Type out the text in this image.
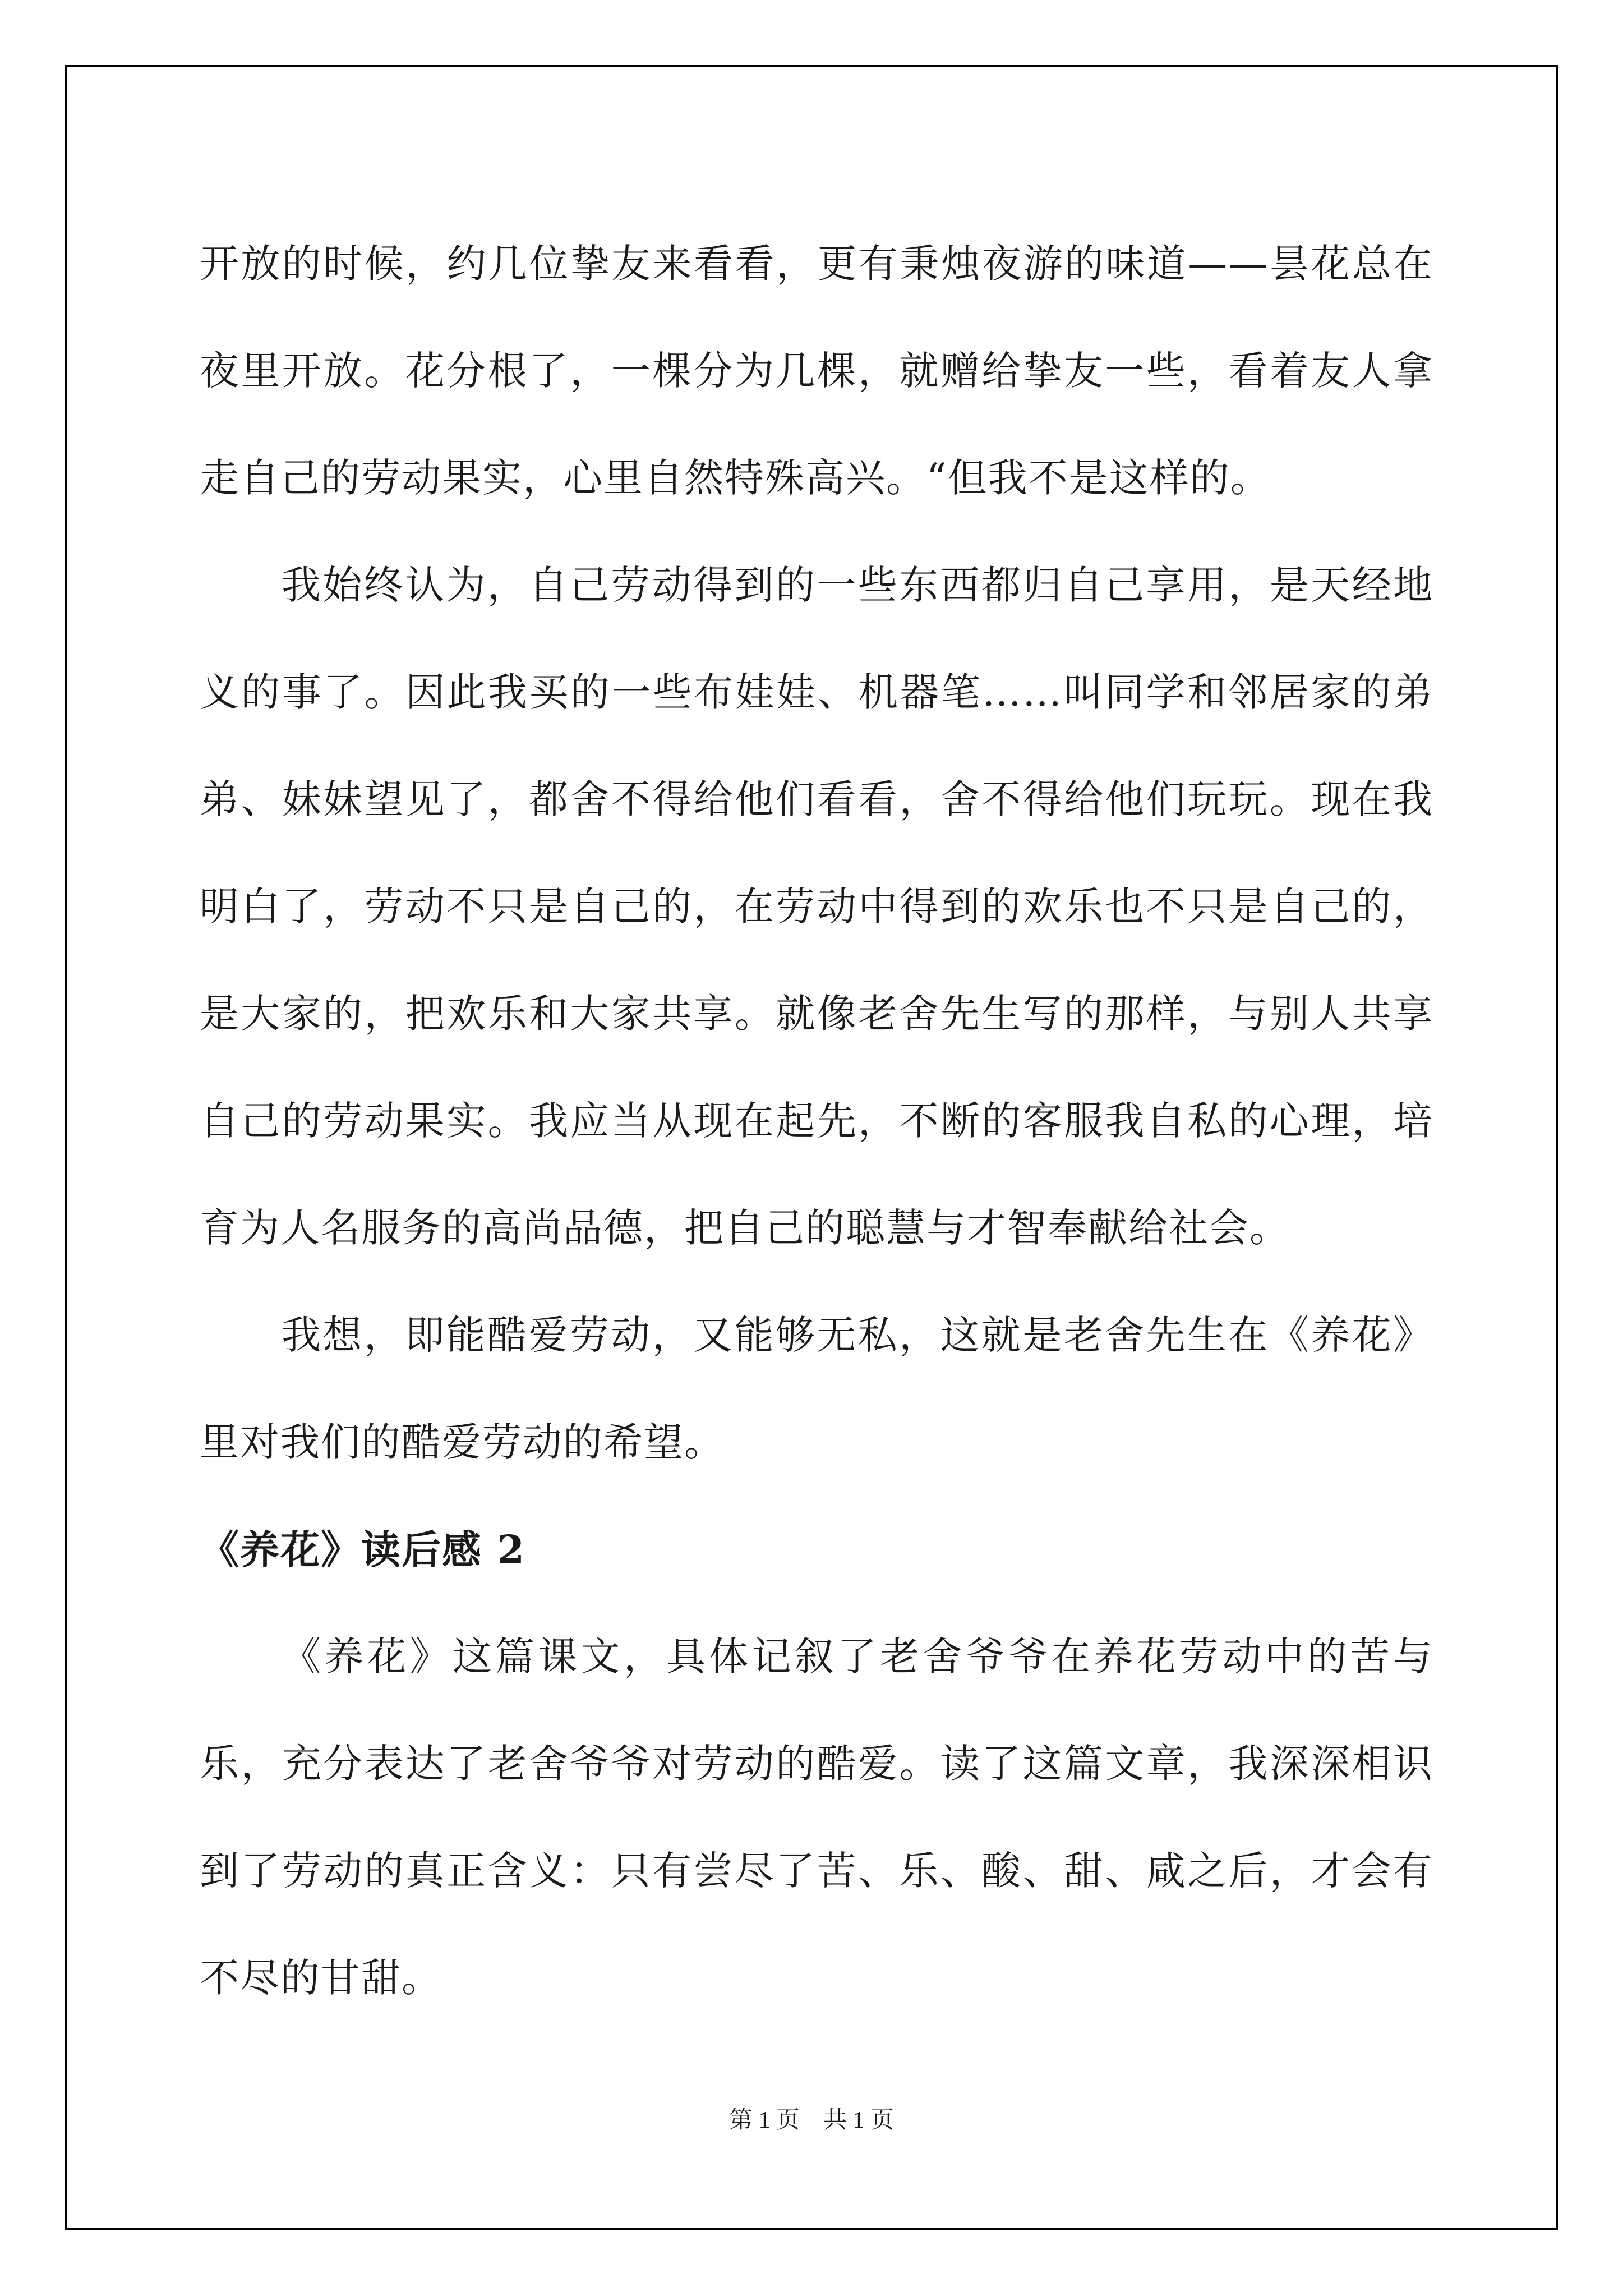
开放的时候，约几位挚友来看看，更有秉烛夜游的味道——昙花总在夜里开放。花分根了，一棵分为几棵，就赠给挚友一些，看着友人拿走自己的劳动果实，心里自然特殊高兴。“但我不是这样的。

我始终认为，自己劳动得到的一些东西都归自己享用，是天经地义的事了。因此我买的一些布娃娃、机器笔……叫同学和邻居家的弟弟、妹妹望见了，都舍不得给他们看看，舍不得给他们玩玩。现在我明白了，劳动不只是自己的，在劳动中得到的欢乐也不只是自己的，是大家的，把欢乐和大家共享。就像老舍先生写的那样，与别人共享自己的劳动果实。我应当从现在起先，不断的客服我自私的心理，培育为人名服务的高尚品德，把自己的聪慧与才智奉献给社会。

我想，即能酷爱劳动，又能够无私，这就是老舍先生在《养花》里对我们的酷爱劳动的希望。

《养花》读后感 2

《养花》这篇课文，具体记叙了老舍爷爷在养花劳动中的苦与乐，充分表达了老舍爷爷对劳动的酷爱。读了这篇文章，我深深相识到了劳动的真正含义：只有尝尽了苦、乐、酸、甜、咸之后，才会有不尽的甘甜。

第 1 页　共 1 页
